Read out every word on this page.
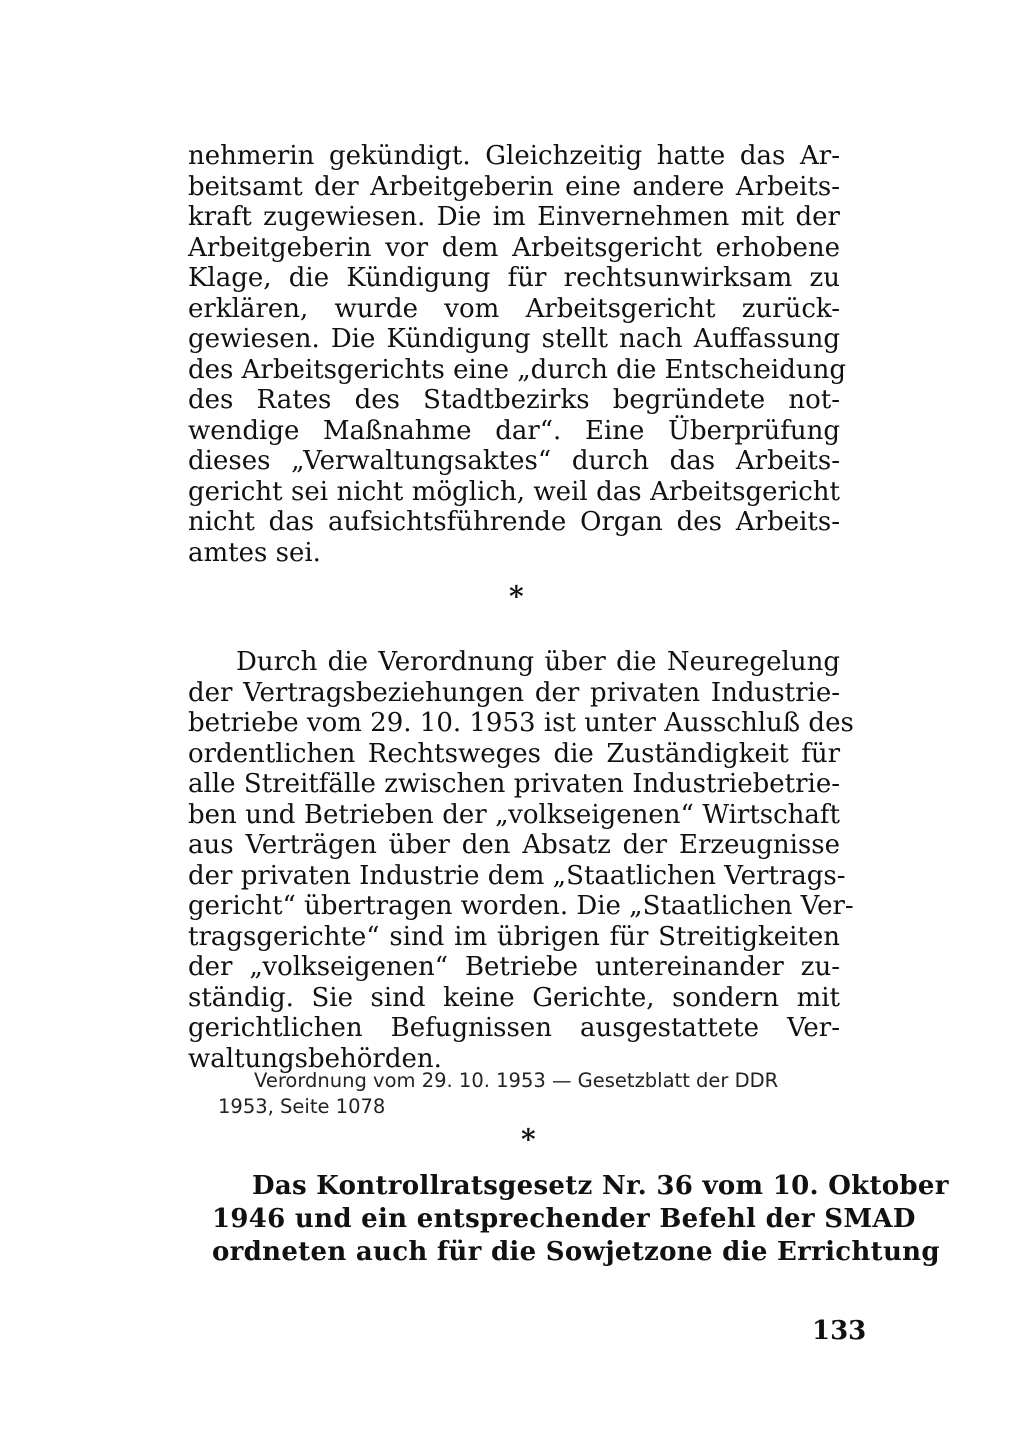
nehmerin gekündigt. Gleichzeitig hatte das Ar-
beitsamt der Arbeitgeberin eine andere Arbeits-
kraft zugewiesen. Die im Einvernehmen mit der
Arbeitgeberin vor dem Arbeitsgericht erhobene
Klage, die Kündigung für rechtsunwirksam zu
erklären, wurde vom Arbeitsgericht zurück-
gewiesen. Die Kündigung stellt nach Auffassung
des Arbeitsgerichts eine „durch die Entscheidung
des Rates des Stadtbezirks begründete not-
wendige Maßnahme dar“. Eine Überprüfung
dieses „Verwaltungsaktes“ durch das Arbeits-
gericht sei nicht möglich, weil das Arbeitsgericht
nicht das aufsichtsführende Organ des Arbeits-
amtes sei.
*
Durch die Verordnung über die Neuregelung
der Vertragsbeziehungen der privaten Industrie-
betriebe vom 29. 10. 1953 ist unter Ausschluß des
ordentlichen Rechtsweges die Zuständigkeit für
alle Streitfälle zwischen privaten Industriebetrie-
ben und Betrieben der „volkseigenen“ Wirtschaft
aus Verträgen über den Absatz der Erzeugnisse
der privaten Industrie dem „Staatlichen Vertrags-
gericht“ übertragen worden. Die „Staatlichen Ver-
tragsgerichte“ sind im übrigen für Streitigkeiten
der „volkseigenen“ Betriebe untereinander zu-
ständig. Sie sind keine Gerichte, sondern mit
gerichtlichen Befugnissen ausgestattete Ver-
waltungsbehörden.
Verordnung vom 29. 10. 1953 — Gesetzblatt der DDR
1953, Seite 1078
*
Das Kontrollratsgesetz Nr. 36 vom 10. Oktober
1946 und ein entsprechender Befehl der SMAD
ordneten auch für die Sowjetzone die Errichtung
133
